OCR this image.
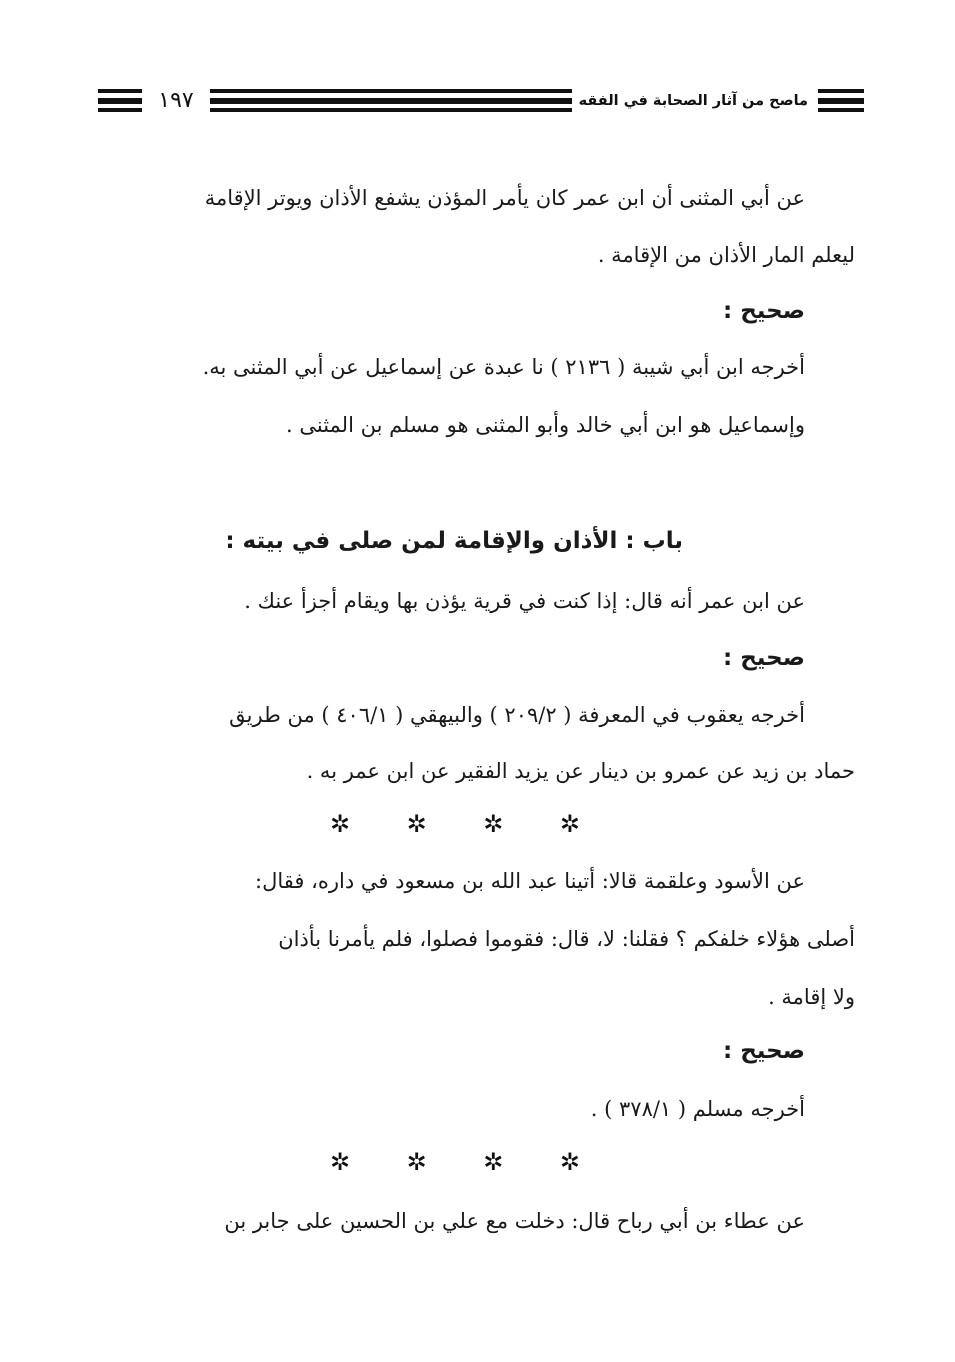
ماصح من آثار الصحابة في الفقه
١٩٧
عن أبي المثنى أن ابن عمر كان يأمر المؤذن يشفع الأذان ويوتر الإقامة
ليعلم المار الأذان من الإقامة .
صحيح :
أخرجه ابن أبي شيبة ( ٢١٣٦ ) نا عبدة عن إسماعيل عن أبي المثنى به.
وإسماعيل هو ابن أبي خالد وأبو المثنى هو مسلم بن المثنى .
باب : الأذان والإقامة لمن صلى في بيته :
عن ابن عمر أنه قال: إذا كنت في قرية يؤذن بها ويقام أجزأ عنك .
صحيح :
أخرجه يعقوب في المعرفة ( ٢٠٩/٢ ) والبيهقي ( ٤٠٦/١ ) من طريق
حماد بن زيد عن عمرو بن دينار عن يزيد الفقير عن ابن عمر به .
✲ ✲ ✲ ✲
عن الأسود وعلقمة قالا: أتينا عبد الله بن مسعود في داره، فقال:
أصلى هؤلاء خلفكم ؟ فقلنا: لا، قال: فقوموا فصلوا، فلم يأمرنا بأذان
ولا إقامة .
صحيح :
أخرجه مسلم ( ٣٧٨/١ ) .
✲ ✲ ✲ ✲
عن عطاء بن أبي رباح قال: دخلت مع علي بن الحسين على جابر بن
